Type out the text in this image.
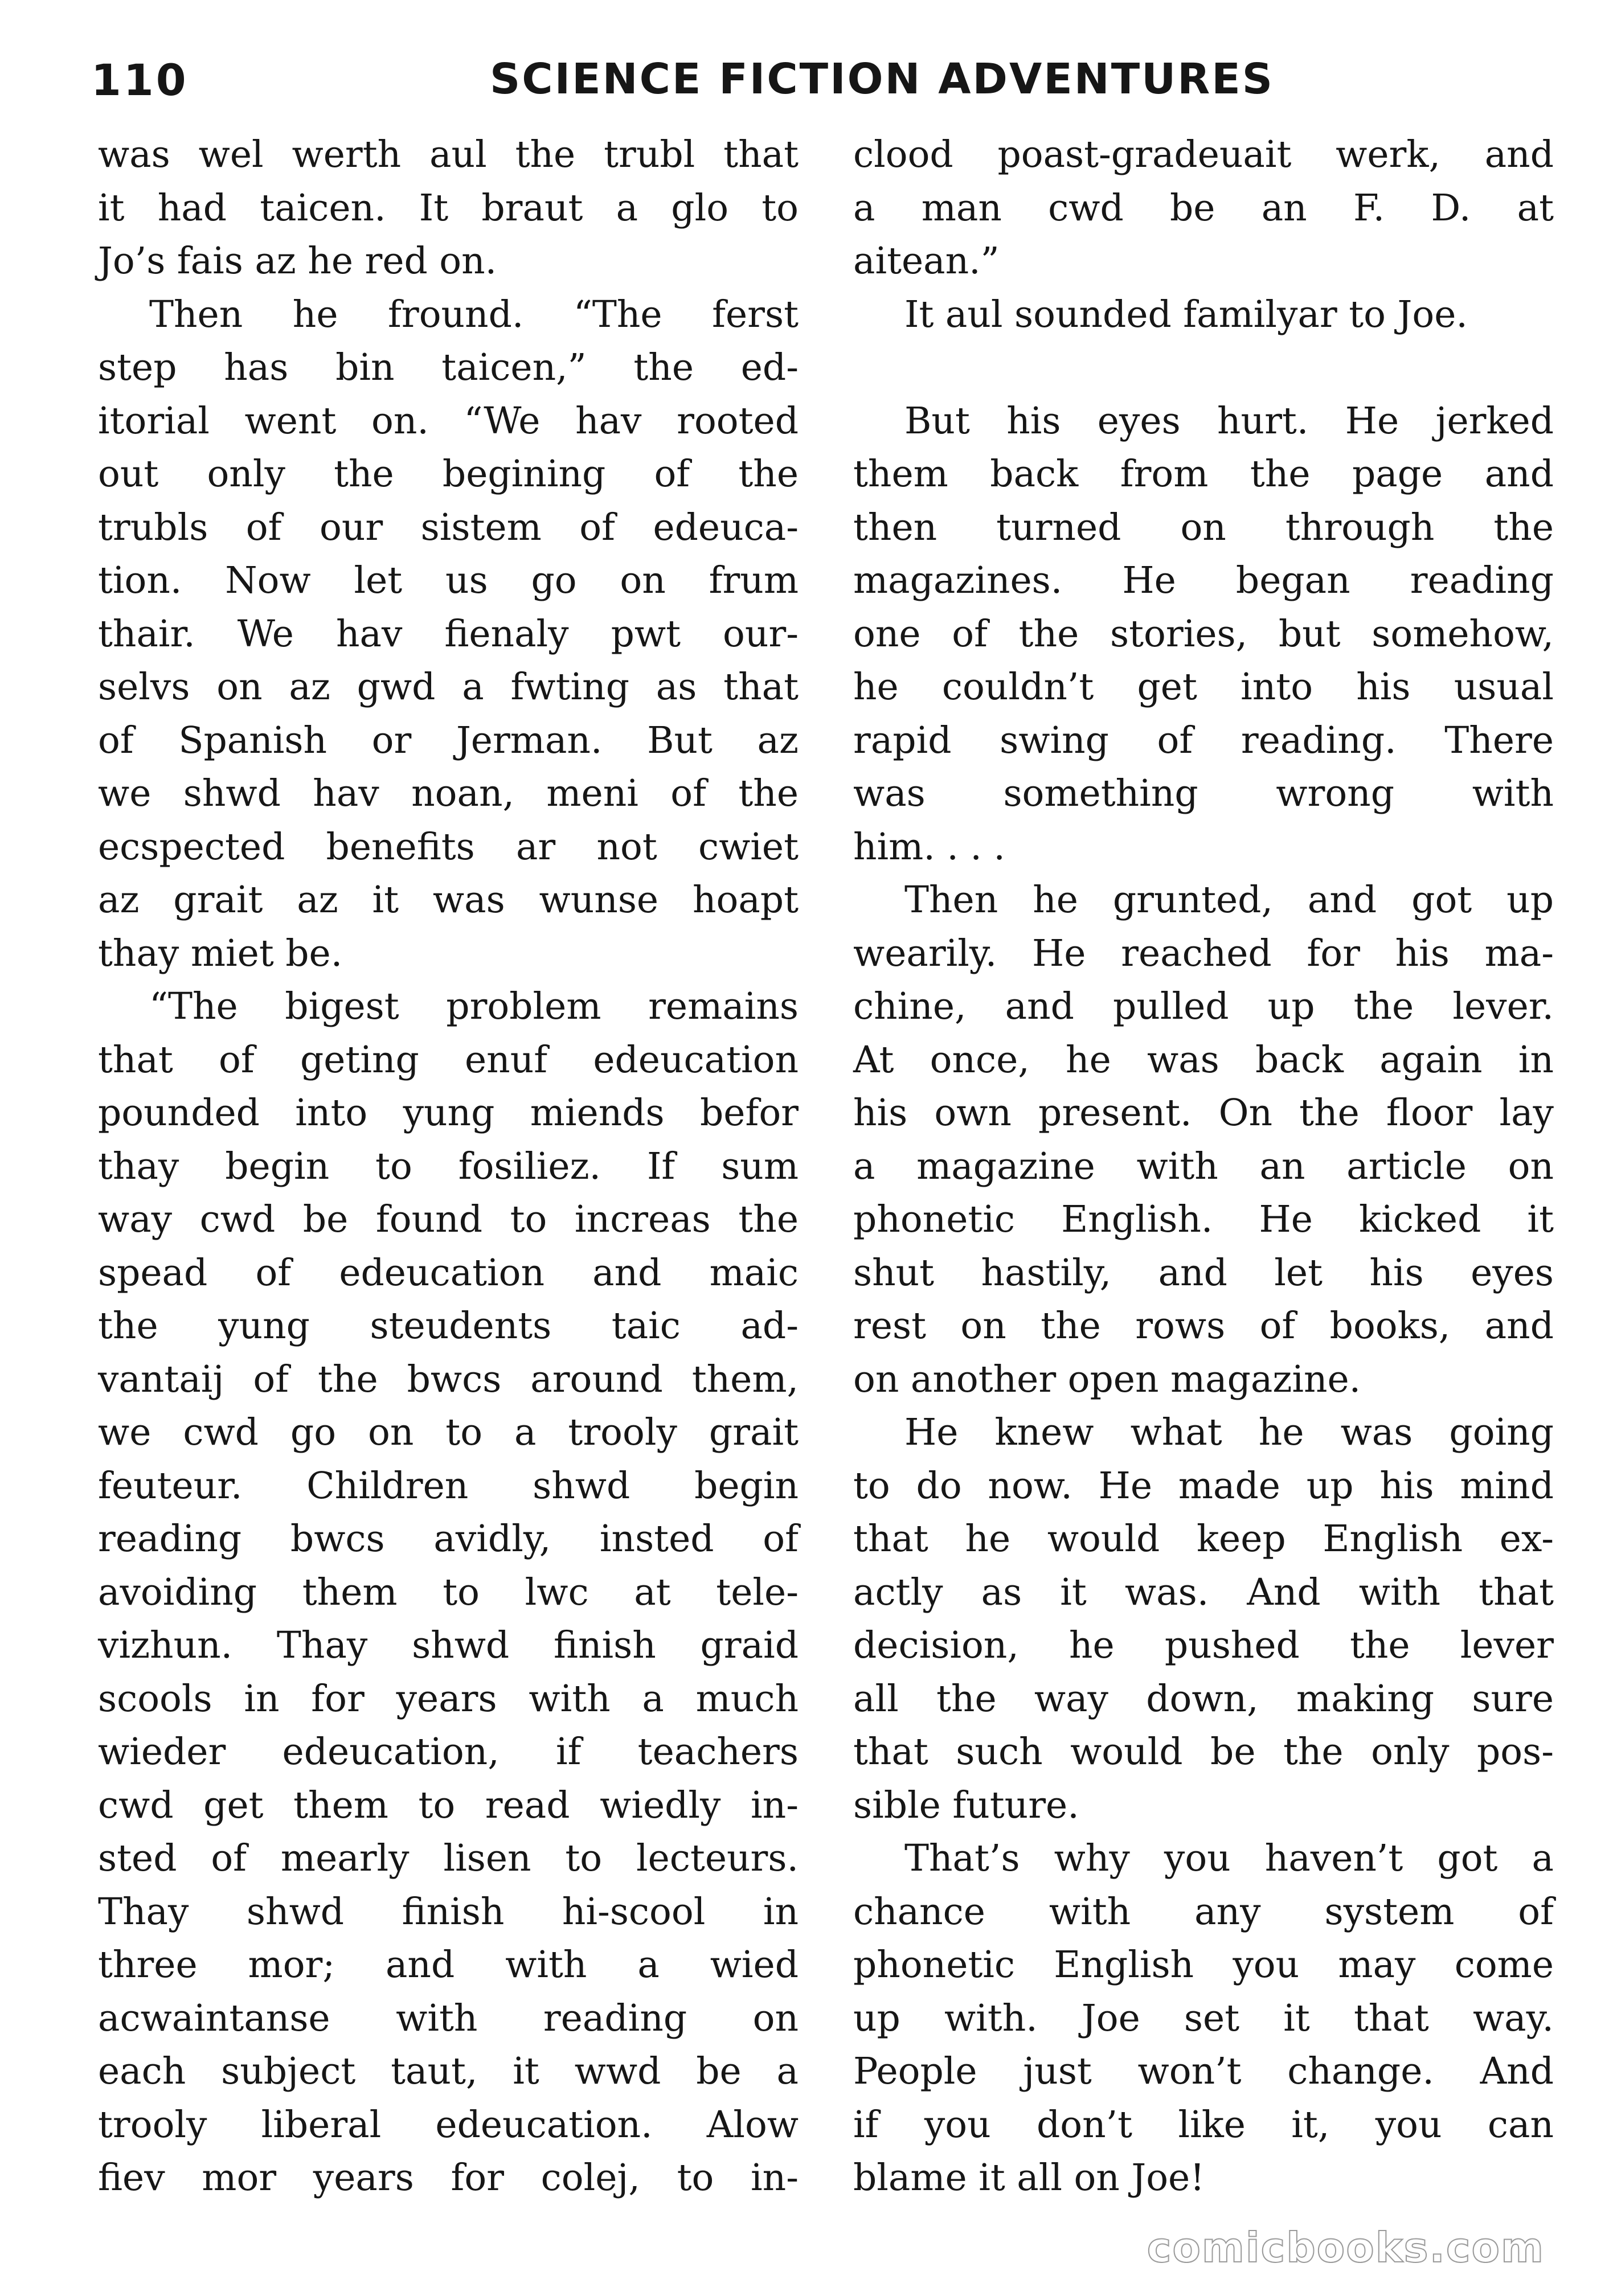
110	SCIENCE FICTION ADVENTURES
was wel werth aul the trubl that
it had taicen. It braut a glo to
Jo’s fais az he red on.
Then he fround. “The ferst
step has bin taicen,” the ed-
itorial went on. “We hav rooted
out only the begining of the
trubls of our sistem of edeuca-
tion. Now let us go on frum
thair. We hav fienaly pwt our-
selvs on az gwd a fwting as that
of Spanish or Jerman. But az
we shwd hav noan, meni of the
ecspected benefits ar not cwiet
az grait az it was wunse hoapt
thay miet be.
“The bigest problem remains
that of geting enuf edeucation
pounded into yung miends befor
thay begin to fosiliez. If sum
way cwd be found to increas the
spead of edeucation and maic
the yung steudents taic ad-
vantaij of the bwcs around them,
we cwd go on to a trooly grait
feuteur. Children shwd begin
reading bwcs avidly, insted of
avoiding them to lwc at tele-
vizhun. Thay shwd finish graid
scools in for years with a much
wieder edeucation, if teachers
cwd get them to read wiedly in-
sted of mearly lisen to lecteurs.
Thay shwd finish hi-scool in
three mor; and with a wied
acwaintanse with reading on
each subject taut, it wwd be a
trooly liberal edeucation. Alow
fiev mor years for colej, to in-
clood poast-gradeuait werk, and
a man cwd be an F. D. at
aitean.”
It aul sounded familyar to Joe.
But his eyes hurt. He jerked
them back from the page and
then turned on through the
magazines. He began reading
one of the stories, but somehow,
he couldn’t get into his usual
rapid swing of reading. There
was something wrong with
him. . . .
Then he grunted, and got up
wearily. He reached for his ma-
chine, and pulled up the lever.
At once, he was back again in
his own present. On the floor lay
a magazine with an article on
phonetic English. He kicked it
shut hastily, and let his eyes
rest on the rows of books, and
on another open magazine.
He knew what he was going
to do now. He made up his mind
that he would keep English ex-
actly as it was. And with that
decision, he pushed the lever
all the way down, making sure
that such would be the only pos-
sible future.
That’s why you haven’t got a
chance with any system of
phonetic English you may come
up with. Joe set it that way.
People just won’t change. And
if you don’t like it, you can
blame it all on Joe!
comicbooks.com
